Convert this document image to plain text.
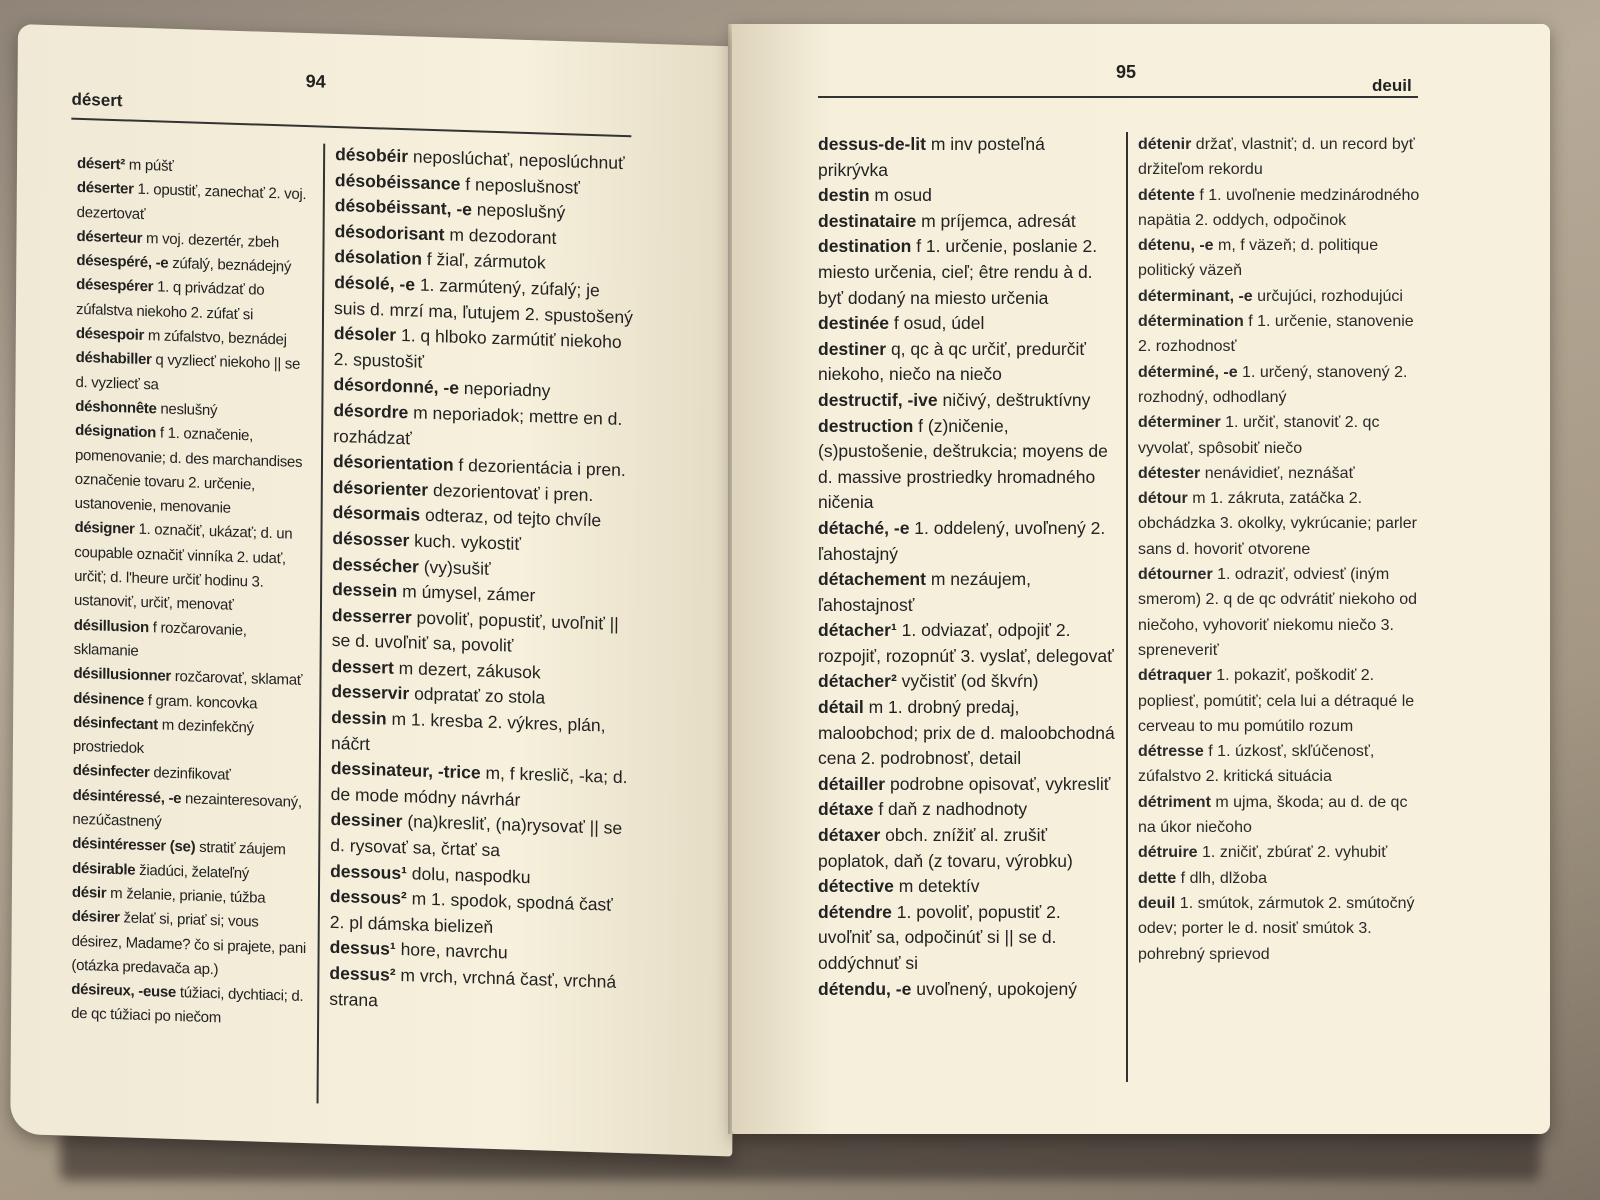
désert
94
désert² m púšť
déserter 1. opustiť, zanechať 2. voj. dezertovať
déserteur m voj. dezertér, zbeh
désespéré, -e zúfalý, beznádejný
désespérer 1. q privádzať do zúfalstva niekoho 2. zúfať si
désespoir m zúfalstvo, beznádej
déshabiller q vyzliecť niekoho || se d. vyzliecť sa
déshonnête neslušný
désignation f 1. označenie, pomenovanie; d. des marchandises označenie tovaru 2. určenie, ustanovenie, menovanie
désigner 1. označiť, ukázať; d. un coupable označiť vinníka 2. udať, určiť; d. l'heure určiť hodinu 3. ustanoviť, určiť, menovať
désillusion f rozčarovanie, sklamanie
désillusionner rozčarovať, sklamať
désinence f gram. koncovka
désinfectant m dezinfekčný prostriedok
désinfecter dezinfikovať
désintéressé, -e nezainteresovaný, nezúčastnený
désintéresser (se) stratiť záujem
désirable žiadúci, želateľný
désir m želanie, prianie, túžba
désirer želať si, priať si; vous désirez, Madame? čo si prajete, pani (otázka predavača ap.)
désireux, -euse túžiaci, dychtiaci; d. de qc túžiaci po niečom
désobéir neposlúchať, neposlúchnuť
désobéissance f neposlušnosť
désobéissant, -e neposlušný
désodorisant m dezodorant
désolation f žiaľ, zármutok
désolé, -e 1. zarmútený, zúfalý; je suis d. mrzí ma, ľutujem 2. spustošený
désoler 1. q hlboko zarmútiť niekoho 2. spustošiť
désordonné, -e neporiadny
désordre m neporiadok; mettre en d. rozhádzať
désorientation f dezorientácia i pren.
désorienter dezorientovať i pren.
désormais odteraz, od tejto chvíle
désosser kuch. vykostiť
dessécher (vy)sušiť
dessein m úmysel, zámer
desserrer povoliť, popustiť, uvoľniť || se d. uvoľniť sa, povoliť
dessert m dezert, zákusok
desservir odpratať zo stola
dessin m 1. kresba 2. výkres, plán, náčrt
dessinateur, -trice m, f kreslič, -ka; d. de mode módny návrhár
dessiner (na)kresliť, (na)rysovať || se d. rysovať sa, črtať sa
dessous¹ dolu, naspodku
dessous² m 1. spodok, spodná časť 2. pl dámska bielizeň
dessus¹ hore, navrchu
dessus² m vrch, vrchná časť, vrchná strana
95
deuil
dessus-de-lit m inv posteľná prikrývka
destin m osud
destinataire m príjemca, adresát
destination f 1. určenie, poslanie 2. miesto určenia, cieľ; être rendu à d. byť dodaný na miesto určenia
destinée f osud, údel
destiner q, qc à qc určiť, predurčiť niekoho, niečo na niečo
destructif, -ive ničivý, deštruktívny
destruction f (z)ničenie, (s)pustošenie, deštrukcia; moyens de d. massive prostriedky hromadného ničenia
détaché, -e 1. oddelený, uvoľnený 2. ľahostajný
détachement m nezáujem, ľahostajnosť
détacher¹ 1. odviazať, odpojiť 2. rozpojiť, rozopnúť 3. vyslať, delegovať
détacher² vyčistiť (od škvŕn)
détail m 1. drobný predaj, maloobchod; prix de d. maloobchodná cena 2. podrobnosť, detail
détailler podrobne opisovať, vykresliť
détaxe f daň z nadhodnoty
détaxer obch. znížiť al. zrušiť poplatok, daň (z tovaru, výrobku)
détective m detektív
détendre 1. povoliť, popustiť 2. uvoľniť sa, odpočinúť si || se d. oddýchnuť si
détendu, -e uvoľnený, upokojený
détenir držať, vlastniť; d. un record byť držiteľom rekordu
détente f 1. uvoľnenie medzinárodného napätia 2. oddych, odpočinok
détenu, -e m, f väzeň; d. politique politický väzeň
déterminant, -e určujúci, rozhodujúci
détermination f 1. určenie, stanovenie 2. rozhodnosť
déterminé, -e 1. určený, stanovený 2. rozhodný, odhodlaný
déterminer 1. určiť, stanoviť 2. qc vyvolať, spôsobiť niečo
détester nenávidieť, neznášať
détour m 1. zákruta, zatáčka 2. obchádzka 3. okolky, vykrúcanie; parler sans d. hovoriť otvorene
détourner 1. odraziť, odviesť (iným smerom) 2. q de qc odvrátiť niekoho od niečoho, vyhovoriť niekomu niečo 3. spreneveriť
détraquer 1. pokaziť, poškodiť 2. popliesť, pomútiť; cela lui a détraqué le cerveau to mu pomútilo rozum
détresse f 1. úzkosť, skľúčenosť, zúfalstvo 2. kritická situácia
détriment m ujma, škoda; au d. de qc na úkor niečoho
détruire 1. zničiť, zbúrať 2. vyhubiť
dette f dlh, dlžoba
deuil 1. smútok, zármutok 2. smútočný odev; porter le d. nosiť smútok 3. pohrebný sprievod
